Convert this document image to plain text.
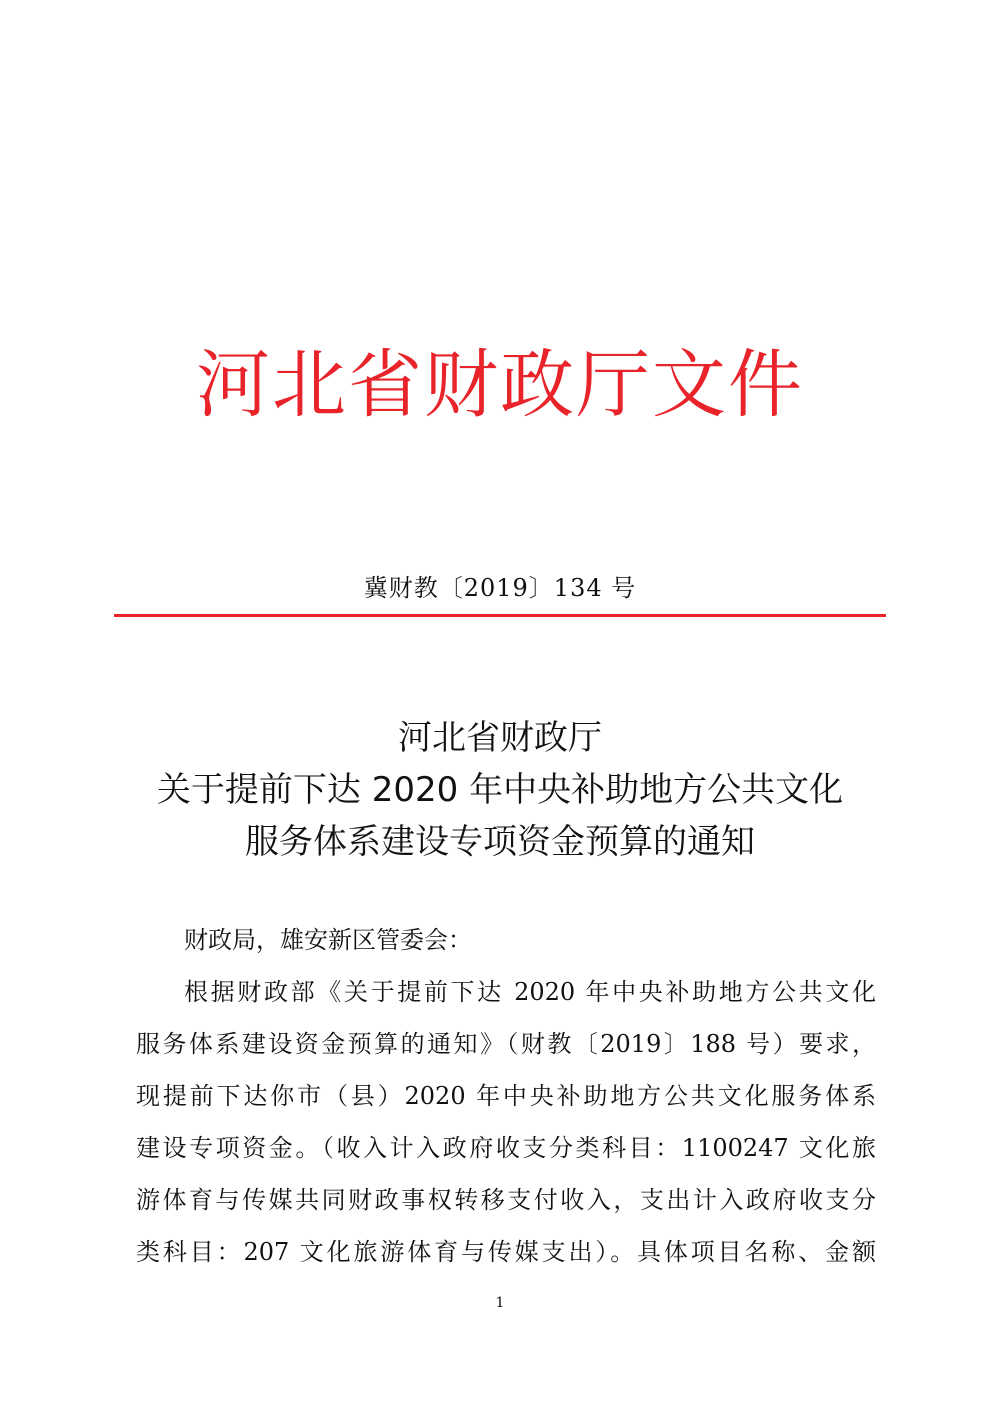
河北省财政厅文件
冀财教〔2019〕134 号
河北省财政厅
关于提前下达 2020 年中央补助地方公共文化
服务体系建设专项资金预算的通知
财政局，雄安新区管委会：
根据财政部《关于提前下达 2020 年中央补助地方公共文化
服务体系建设资金预算的通知》（财教〔2019〕188 号）要求，
现提前下达你市（县）2020 年中央补助地方公共文化服务体系
建设专项资金。（收入计入政府收支分类科目：1100247 文化旅
游体育与传媒共同财政事权转移支付收入，支出计入政府收支分
类科目：207 文化旅游体育与传媒支出）。具体项目名称、金额
1
